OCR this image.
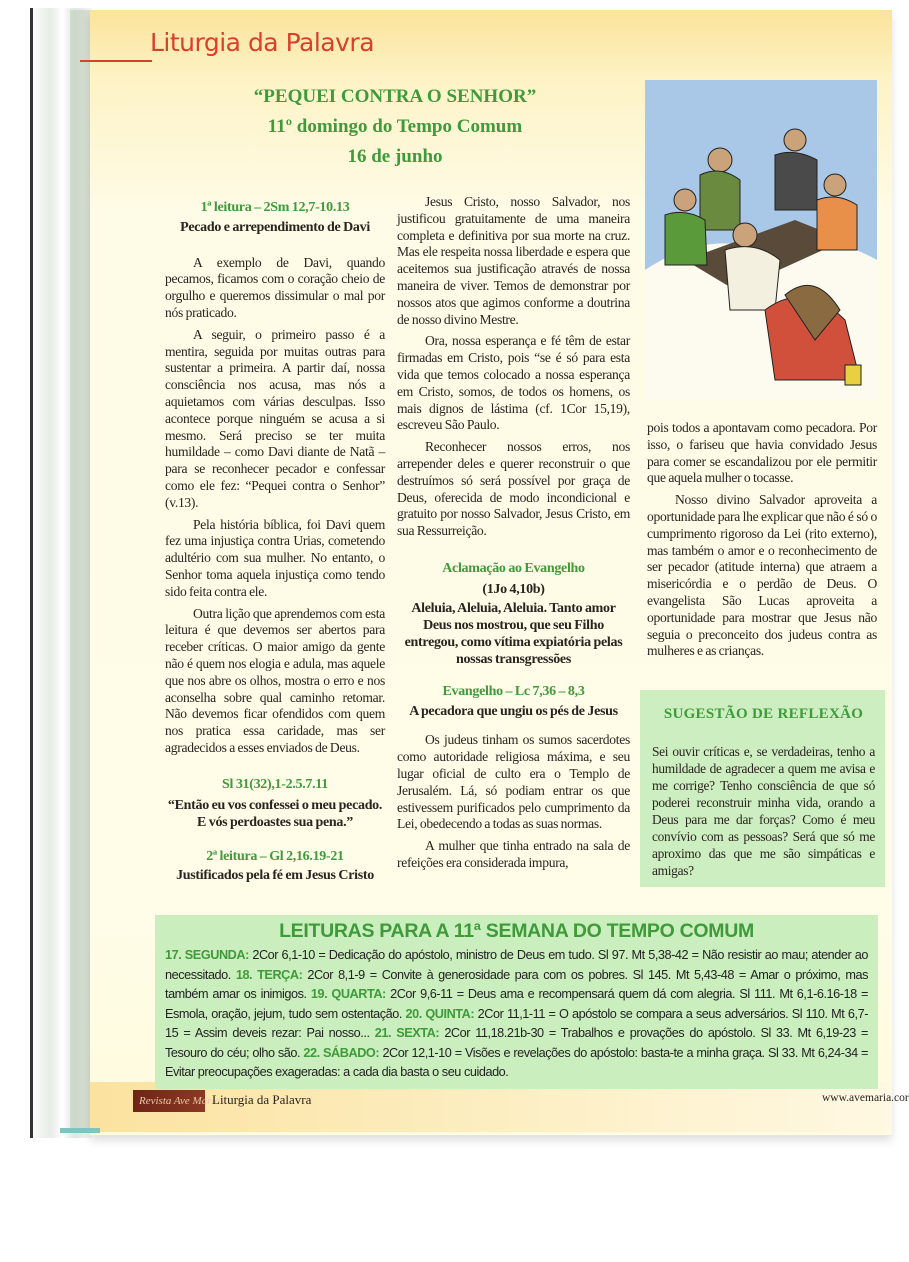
Liturgia da Palavra
“PEQUEI CONTRA O SENHOR”
11º domingo do Tempo Comum
16 de junho
1ª leitura – 2Sm 12,7-10.13
Pecado e arrependimento de Davi

A exemplo de Davi, quando pecamos, ficamos com o coração cheio de orgulho e queremos dissimular o mal por nós praticado.

A seguir, o primeiro passo é a mentira, seguida por muitas outras para sustentar a primeira. A partir daí, nossa consciência nos acusa, mas nós a aquietamos com várias desculpas. Isso acontece porque ninguém se acusa a si mesmo. Será preciso se ter muita humildade – como Davi diante de Natã – para se reconhecer pecador e confessar como ele fez: “Pequei contra o Senhor” (v.13).

Pela história bíblica, foi Davi quem fez uma injustiça contra Urias, cometendo adultério com sua mulher. No entanto, o Senhor toma aquela injustiça como tendo sido feita contra ele.

Outra lição que aprendemos com esta leitura é que devemos ser abertos para receber críticas. O maior amigo da gente não é quem nos elogia e adula, mas aquele que nos abre os olhos, mostra o erro e nos aconselha sobre qual caminho retomar. Não devemos ficar ofendidos com quem nos pratica essa caridade, mas ser agradecidos a esses enviados de Deus.

Sl 31(32),1-2.5.7.11
“Então eu vos confessei o meu pecado. E vós perdoastes sua pena.”
2ª leitura – Gl 2,16.19-21
Justificados pela fé em Jesus Cristo

Jesus Cristo, nosso Salvador, nos justificou gratuitamente de uma maneira completa e definitiva por sua morte na cruz. Mas ele respeita nossa liberdade e espera que aceitemos sua justificação através de nossa maneira de viver. Temos de demonstrar por nossos atos que agimos conforme a doutrina de nosso divino Mestre.

Ora, nossa esperança e fé têm de estar firmadas em Cristo, pois “se é só para esta vida que temos colocado a nossa esperança em Cristo, somos, de todos os homens, os mais dignos de lástima (cf. 1Cor 15,19), escreveu São Paulo.

Reconhecer nossos erros, nos arrepender deles e querer reconstruir o que destruímos só será possível por graça de Deus, oferecida de modo incondicional e gratuito por nosso Salvador, Jesus Cristo, em sua Ressurreição.

Aclamação ao Evangelho
(1Jo 4,10b)
Aleluia, Aleluia, Aleluia. Tanto amor Deus nos mostrou, que seu Filho entregou, como vítima expiatória pelas nossas transgressões
Evangelho – Lc 7,36 – 8,3
A pecadora que ungiu os pés de Jesus

Os judeus tinham os sumos sacerdotes como autoridade religiosa máxima, e seu lugar oficial de culto era o Templo de Jerusalém. Lá, só podiam entrar os que estivessem purificados pelo cumprimento da Lei, obedecendo a todas as suas normas.

A mulher que tinha entrado na sala de refeições era considerada impura,

pois todos a apontavam como pecadora. Por isso, o fariseu que havia convidado Jesus para comer se escandalizou por ele permitir que aquela mulher o tocasse.

Nosso divino Salvador aproveita a oportunidade para lhe explicar que não é só o cumprimento rigoroso da Lei (rito externo), mas também o amor e o reconhecimento de ser pecador (atitude interna) que atraem a misericórdia e o perdão de Deus. O evangelista São Lucas aproveita a oportunidade para mostrar que Jesus não seguia o preconceito dos judeus contra as mulheres e as crianças.

SUGESTÃO DE REFLEXÃO

Sei ouvir críticas e, se verdadeiras, tenho a humildade de agradecer a quem me avisa e me corrige? Tenho consciência de que só poderei reconstruir minha vida, orando a Deus para me dar forças? Como é meu convívio com as pessoas? Será que só me aproximo das que me são simpáticas e amigas?

LEITURAS PARA A 11ª SEMANA DO TEMPO COMUM
17. SEGUNDA: 2Cor 6,1-10 = Dedicação do apóstolo, ministro de Deus em tudo. Sl 97. Mt 5,38-42 = Não resistir ao mau; atender ao necessitado. 18. TERÇA: 2Cor 8,1-9 = Convite à generosidade para com os pobres. Sl 145. Mt 5,43-48 = Amar o próximo, mas também amar os inimigos. 19. QUARTA: 2Cor 9,6-11 = Deus ama e recompensará quem dá com alegria. Sl 111. Mt 6,1-6.16-18 = Esmola, oração, jejum, tudo sem ostentação. 20. QUINTA: 2Cor 11,1-11 = O apóstolo se compara a seus adversários. Sl 110. Mt 6,7-15 = Assim deveis rezar: Pai nosso... 21. SEXTA: 2Cor 11,18.21b-30 = Trabalhos e provações do apóstolo. Sl 33. Mt 6,19-23 = Tesouro do céu; olho são. 22. SÁBADO: 2Cor 12,1-10 = Visões e revelações do apóstolo: basta-te a minha graça. Sl 33. Mt 6,24-34 = Evitar preocupações exageradas: a cada dia basta o seu cuidado.
Revista Ave Maria
Liturgia da Palavra	www.avemaria.cor
